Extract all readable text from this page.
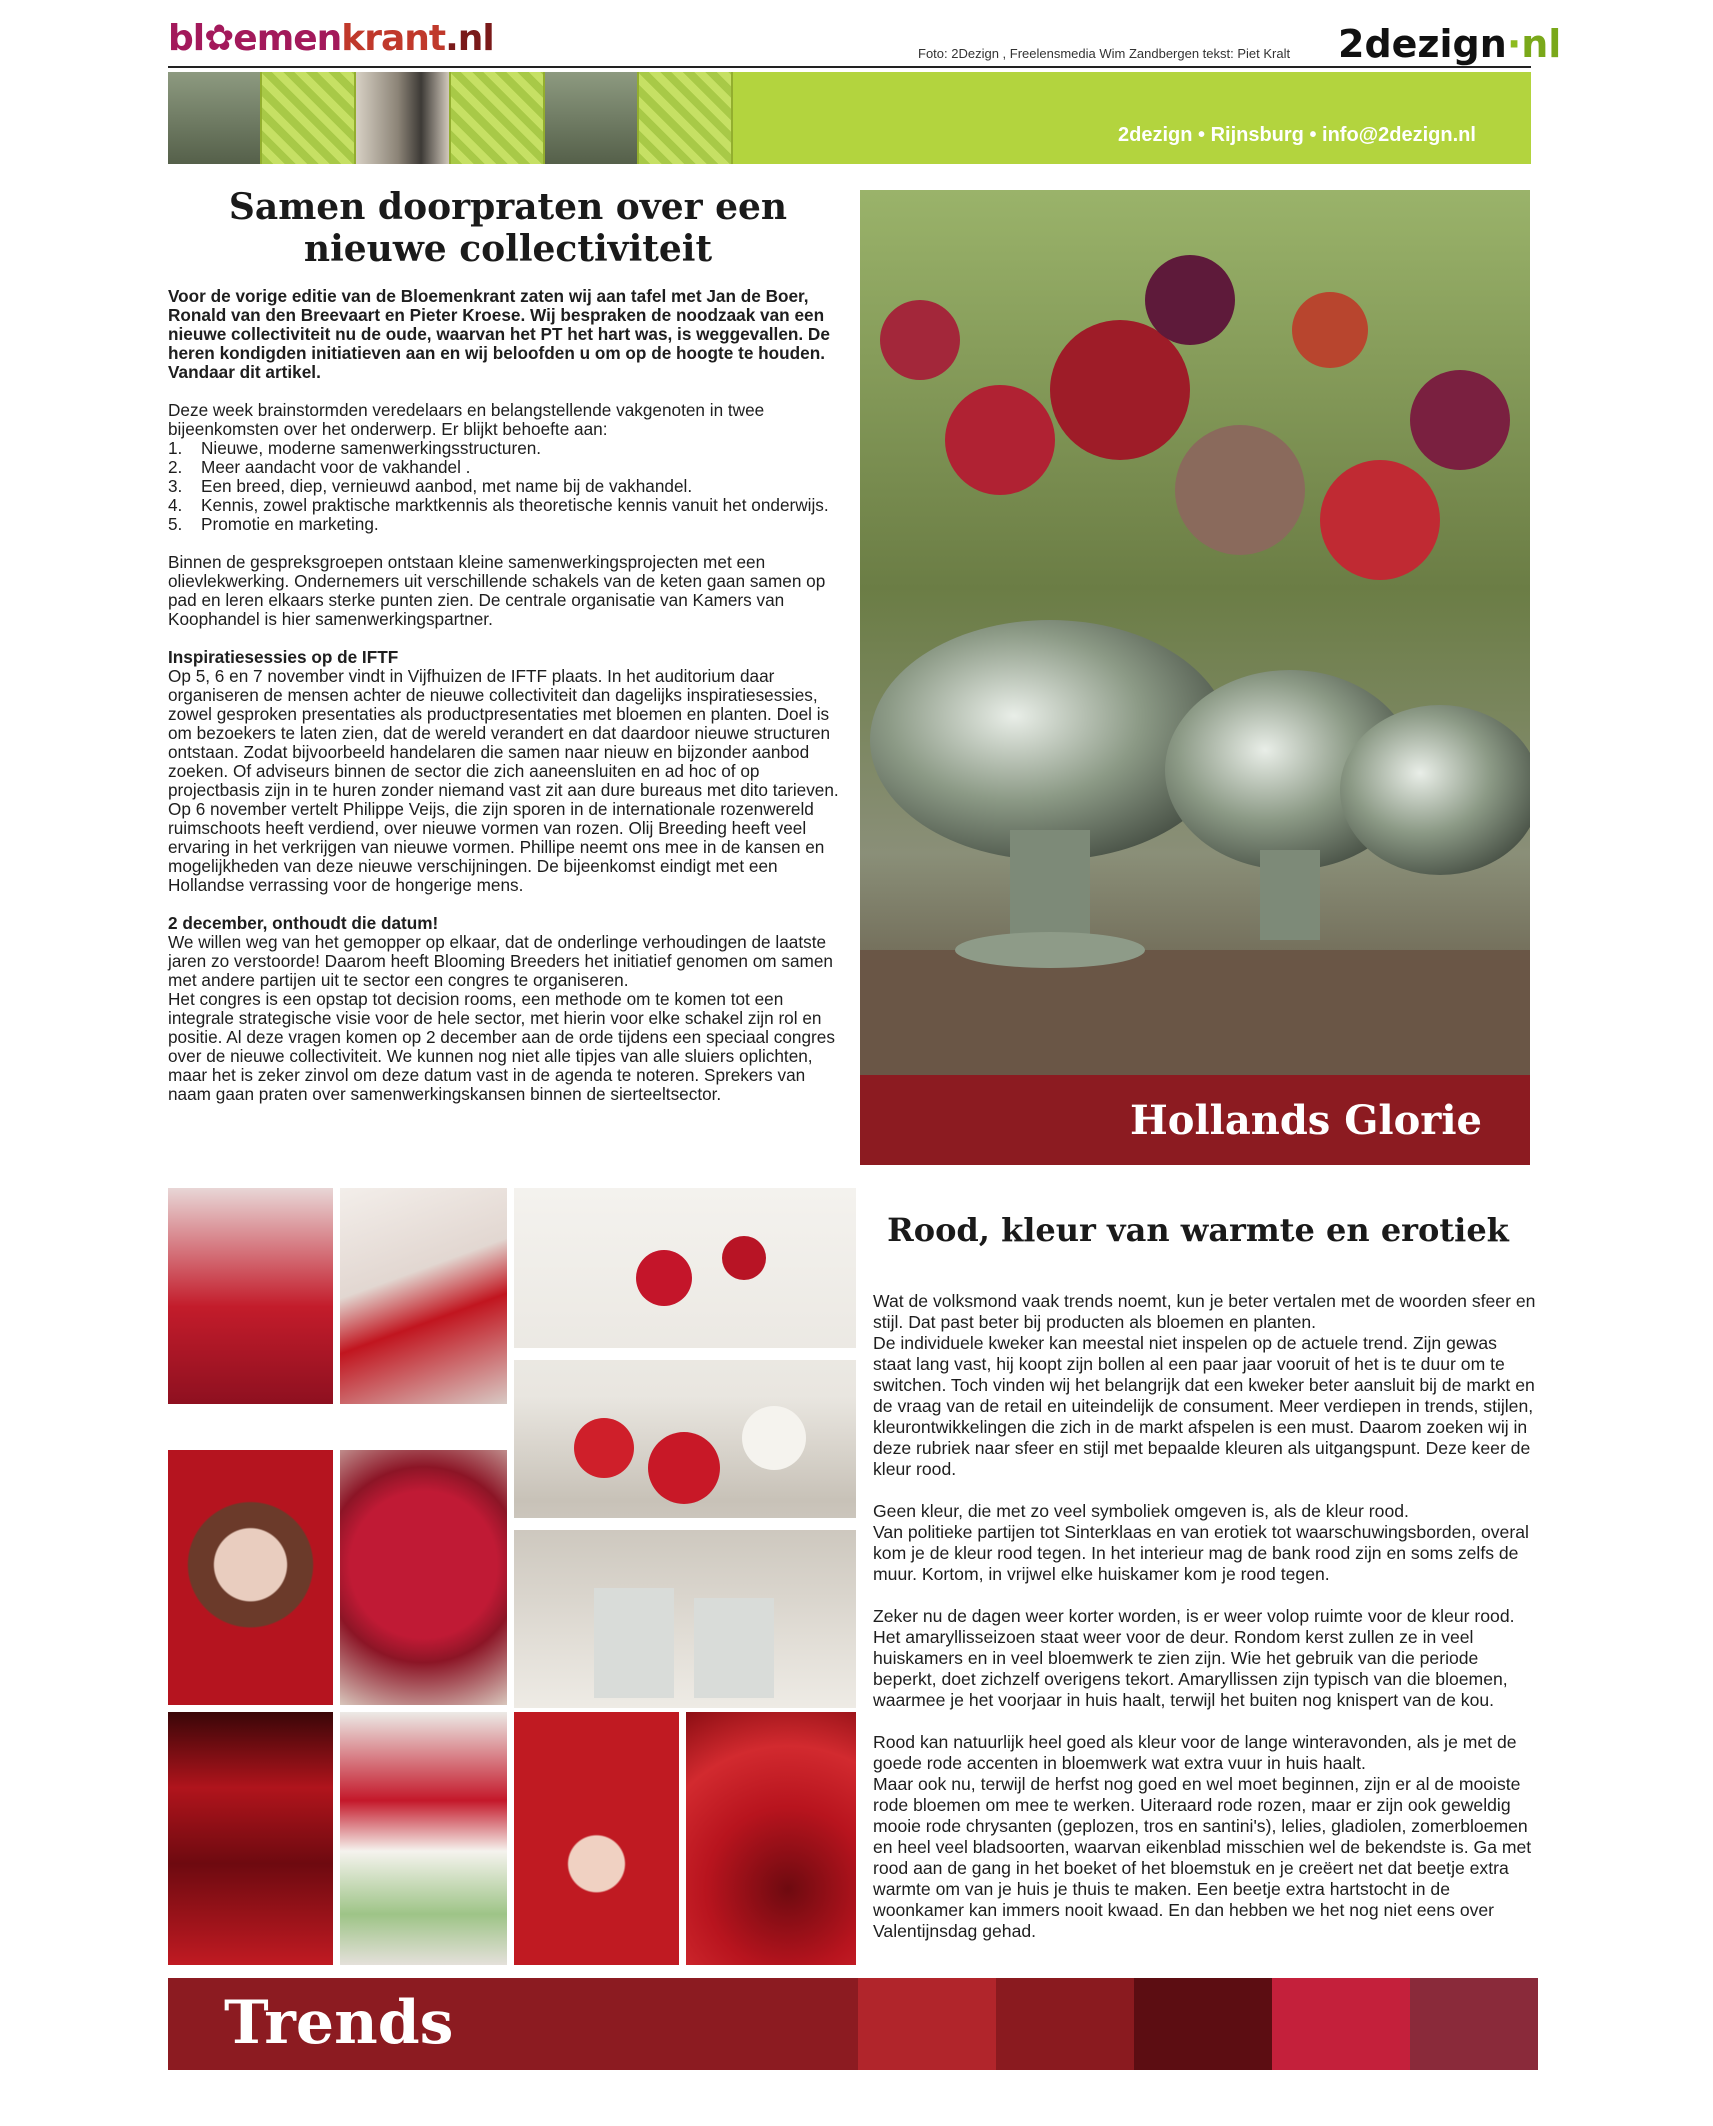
bl✿emenkrant.nl	Foto: 2Dezign , Freelensmedia Wim Zandbergen tekst: Piet Kralt 2dezign·nl
2dezign • Rijnsburg • info@2dezign.nl
Samen doorpraten over een
nieuwe collectiviteit

Voor de vorige editie van de Bloemenkrant zaten wij aan tafel met Jan de Boer, Ronald van den Breevaart en Pieter Kroese. Wij bespraken de noodzaak van een nieuwe collectiviteit nu de oude, waarvan het PT het hart was, is weggevallen. De heren kondigden initiatieven aan en wij beloofden u om op de hoogte te houden. Vandaar dit artikel.

Deze week brainstormden veredelaars en belangstellende vakgenoten in twee bijeenkomsten over het onderwerp. Er blijkt behoefte aan:

1. Nieuwe, moderne samenwerkingsstructuren.
2. Meer aandacht voor de vakhandel .
3. Een breed, diep, vernieuwd aanbod, met name bij de vakhandel.
4. Kennis, zowel praktische marktkennis als theoretische kennis vanuit het onderwijs.
5. Promotie en marketing.

Binnen de gespreksgroepen ontstaan kleine samenwerkingsprojecten met een olievlekwerking. Ondernemers uit verschillende schakels van de keten gaan samen op pad en leren elkaars sterke punten zien. De centrale organisatie van Kamers van Koophandel is hier samenwerkingspartner.

Inspiratiesessies op de IFTF

Op 5, 6 en 7 november vindt in Vijfhuizen de IFTF plaats. In het auditorium daar organiseren de mensen achter de nieuwe collectiviteit dan dagelijks inspiratiesessies, zowel gesproken presentaties als productpresentaties met bloemen en planten. Doel is om bezoekers te laten zien, dat de wereld verandert en dat daardoor nieuwe structuren ontstaan. Zodat bijvoorbeeld handelaren die samen naar nieuw en bijzonder aanbod zoeken. Of adviseurs binnen de sector die zich aaneensluiten en ad hoc of op projectbasis zijn in te huren zonder niemand vast zit aan dure bureaus met dito tarieven.

Op 6 november vertelt Philippe Veijs, die zijn sporen in de internationale rozenwereld ruimschoots heeft verdiend, over nieuwe vormen van rozen. Olij Breeding heeft veel ervaring in het verkrijgen van nieuwe vormen. Phillipe neemt ons mee in de kansen en mogelijkheden van deze nieuwe verschijningen. De bijeenkomst eindigt met een Hollandse verrassing voor de hongerige mens.

2 december, onthoudt die datum!

We willen weg van het gemopper op elkaar, dat de onderlinge verhoudingen de laatste jaren zo verstoorde! Daarom heeft Blooming Breeders het initiatief genomen om samen met andere partijen uit te sector een congres te organiseren.

Het congres is een opstap tot decision rooms, een methode om te komen tot een integrale strategische visie voor de hele sector, met hierin voor elke schakel zijn rol en positie. Al deze vragen komen op 2 december aan de orde tijdens een speciaal congres over de nieuwe collectiviteit. We kunnen nog niet alle tipjes van alle sluiers oplichten, maar het is zeker zinvol om deze datum vast in de agenda te noteren. Sprekers van naam gaan praten over samenwerkingskansen binnen de sierteeltsector.

Hollands Glorie
Rood, kleur van warmte en erotiek

Wat de volksmond vaak trends noemt, kun je beter vertalen met de woorden sfeer en stijl. Dat past beter bij producten als bloemen en planten.

De individuele kweker kan meestal niet inspelen op de actuele trend. Zijn gewas staat lang vast, hij koopt zijn bollen al een paar jaar vooruit of het is te duur om te switchen. Toch vinden wij het belangrijk dat een kweker beter aansluit bij de markt en de vraag van de retail en uiteindelijk de consument. Meer verdiepen in trends, stijlen, kleurontwikkelingen die zich in de markt afspelen is een must. Daarom zoeken wij in deze rubriek naar sfeer en stijl met bepaalde kleuren als uitgangspunt. Deze keer de kleur rood.

Geen kleur, die met zo veel symboliek omgeven is, als de kleur rood.

Van politieke partijen tot Sinterklaas en van erotiek tot waarschuwingsborden, overal kom je de kleur rood tegen. In het interieur mag de bank rood zijn en soms zelfs de muur. Kortom, in vrijwel elke huiskamer kom je rood tegen.

Zeker nu de dagen weer korter worden, is er weer volop ruimte voor de kleur rood. Het amaryllisseizoen staat weer voor de deur. Rondom kerst zullen ze in veel huiskamers en in veel bloemwerk te zien zijn. Wie het gebruik van die periode beperkt, doet zichzelf overigens tekort. Amaryllissen zijn typisch van die bloemen, waarmee je het voorjaar in huis haalt, terwijl het buiten nog knispert van de kou.

Rood kan natuurlijk heel goed als kleur voor de lange winteravonden, als je met de goede rode accenten in bloemwerk wat extra vuur in huis haalt.

Maar ook nu, terwijl de herfst nog goed en wel moet beginnen, zijn er al de mooiste rode bloemen om mee te werken. Uiteraard rode rozen, maar er zijn ook geweldig mooie rode chrysanten (geplozen, tros en santini's), lelies, gladiolen, zomerbloemen en heel veel bladsoorten, waarvan eikenblad misschien wel de bekendste is. Ga met rood aan de gang in het boeket of het bloemstuk en je creëert net dat beetje extra warmte om van je huis je thuis te maken. Een beetje extra hartstocht in de woonkamer kan immers nooit kwaad. En dan hebben we het nog niet eens over Valentijnsdag gehad.

Trends
